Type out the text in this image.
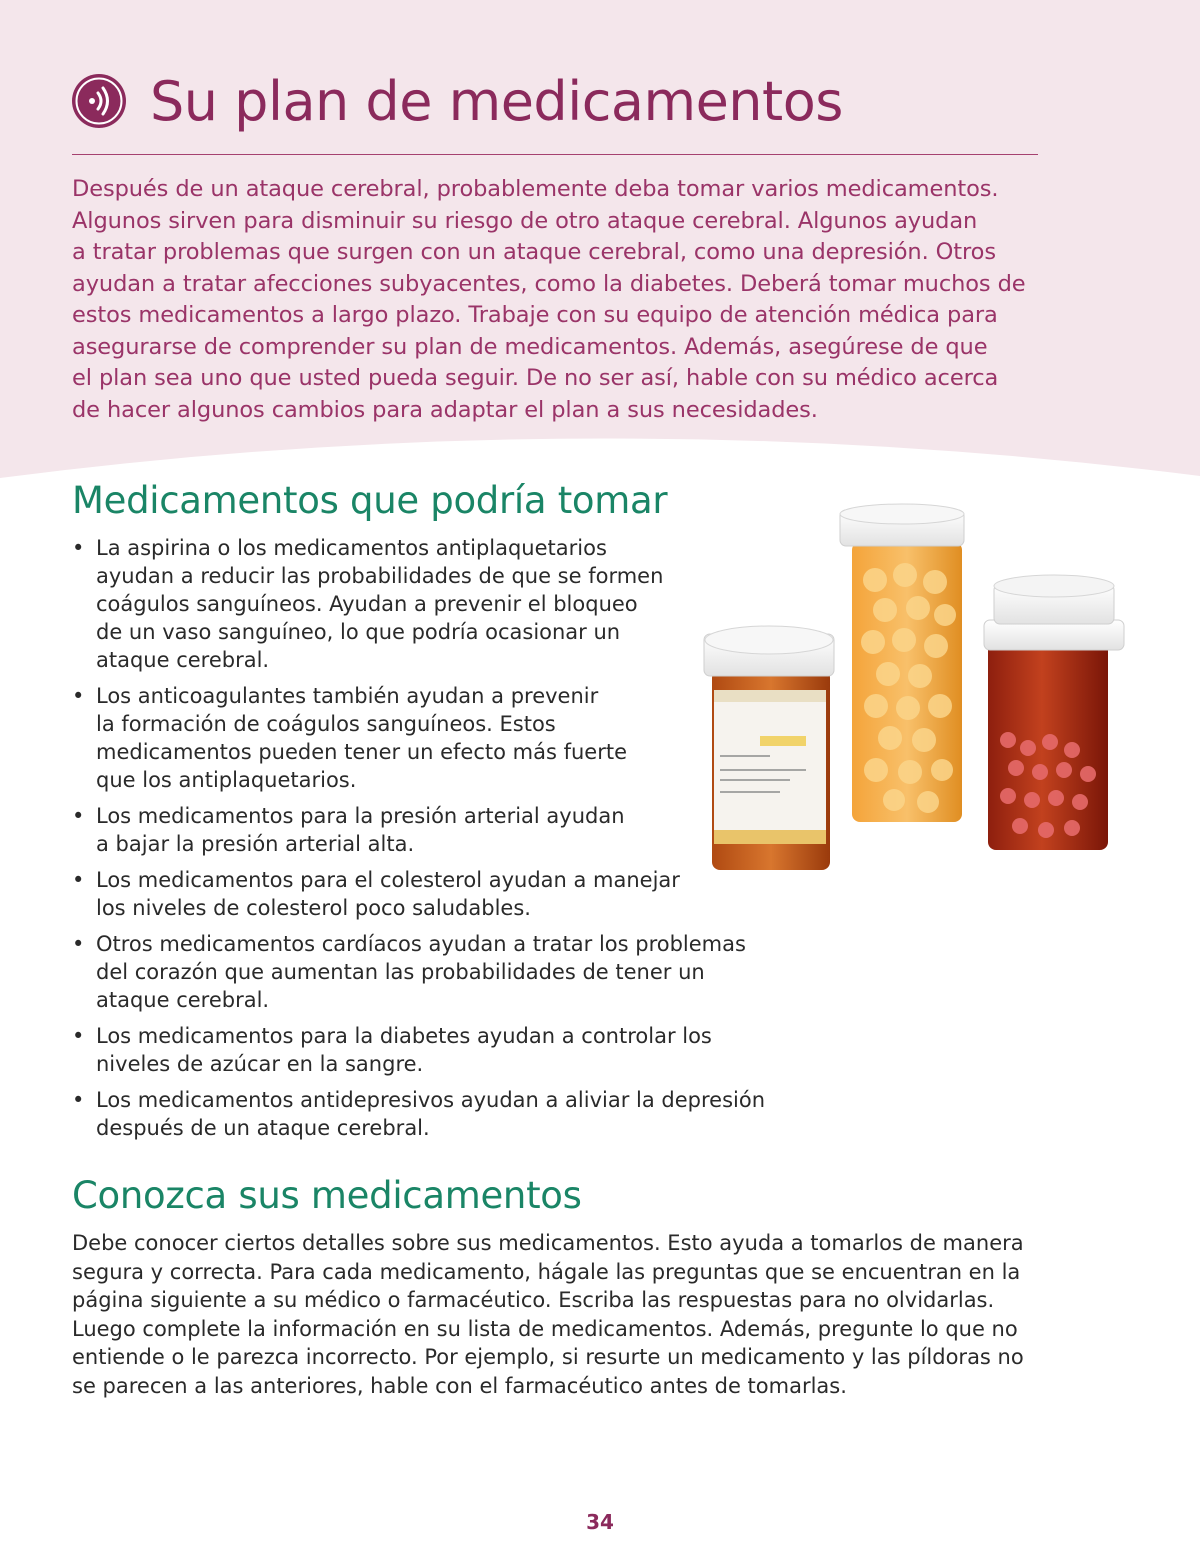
Su plan de medicamentos

Después de un ataque cerebral, probablemente deba tomar varios medicamentos.
Algunos sirven para disminuir su riesgo de otro ataque cerebral. Algunos ayudan
a tratar problemas que surgen con un ataque cerebral, como una depresión. Otros
ayudan a tratar afecciones subyacentes, como la diabetes. Deberá tomar muchos de
estos medicamentos a largo plazo. Trabaje con su equipo de atención médica para
asegurarse de comprender su plan de medicamentos. Además, asegúrese de que
el plan sea uno que usted pueda seguir. De no ser así, hable con su médico acerca
de hacer algunos cambios para adaptar el plan a sus necesidades.

Medicamentos que podría tomar
• La aspirina o los medicamentos antiplaquetarios
ayudan a reducir las probabilidades de que se formen
coágulos sanguíneos. Ayudan a prevenir el bloqueo
de un vaso sanguíneo, lo que podría ocasionar un
ataque cerebral.
• Los anticoagulantes también ayudan a prevenir
la formación de coágulos sanguíneos. Estos
medicamentos pueden tener un efecto más fuerte
que los antiplaquetarios.
• Los medicamentos para la presión arterial ayudan
a bajar la presión arterial alta.
• Los medicamentos para el colesterol ayudan a manejar
los niveles de colesterol poco saludables.
• Otros medicamentos cardíacos ayudan a tratar los problemas
del corazón que aumentan las probabilidades de tener un
ataque cerebral.
• Los medicamentos para la diabetes ayudan a controlar los
niveles de azúcar en la sangre.
• Los medicamentos antidepresivos ayudan a aliviar la depresión
después de un ataque cerebral.
Conozca sus medicamentos

Debe conocer ciertos detalles sobre sus medicamentos. Esto ayuda a tomarlos de manera
segura y correcta. Para cada medicamento, hágale las preguntas que se encuentran en la
página siguiente a su médico o farmacéutico. Escriba las respuestas para no olvidarlas.
Luego complete la información en su lista de medicamentos. Además, pregunte lo que no
entiende o le parezca incorrecto. Por ejemplo, si resurte un medicamento y las píldoras no
se parecen a las anteriores, hable con el farmacéutico antes de tomarlas.

34
